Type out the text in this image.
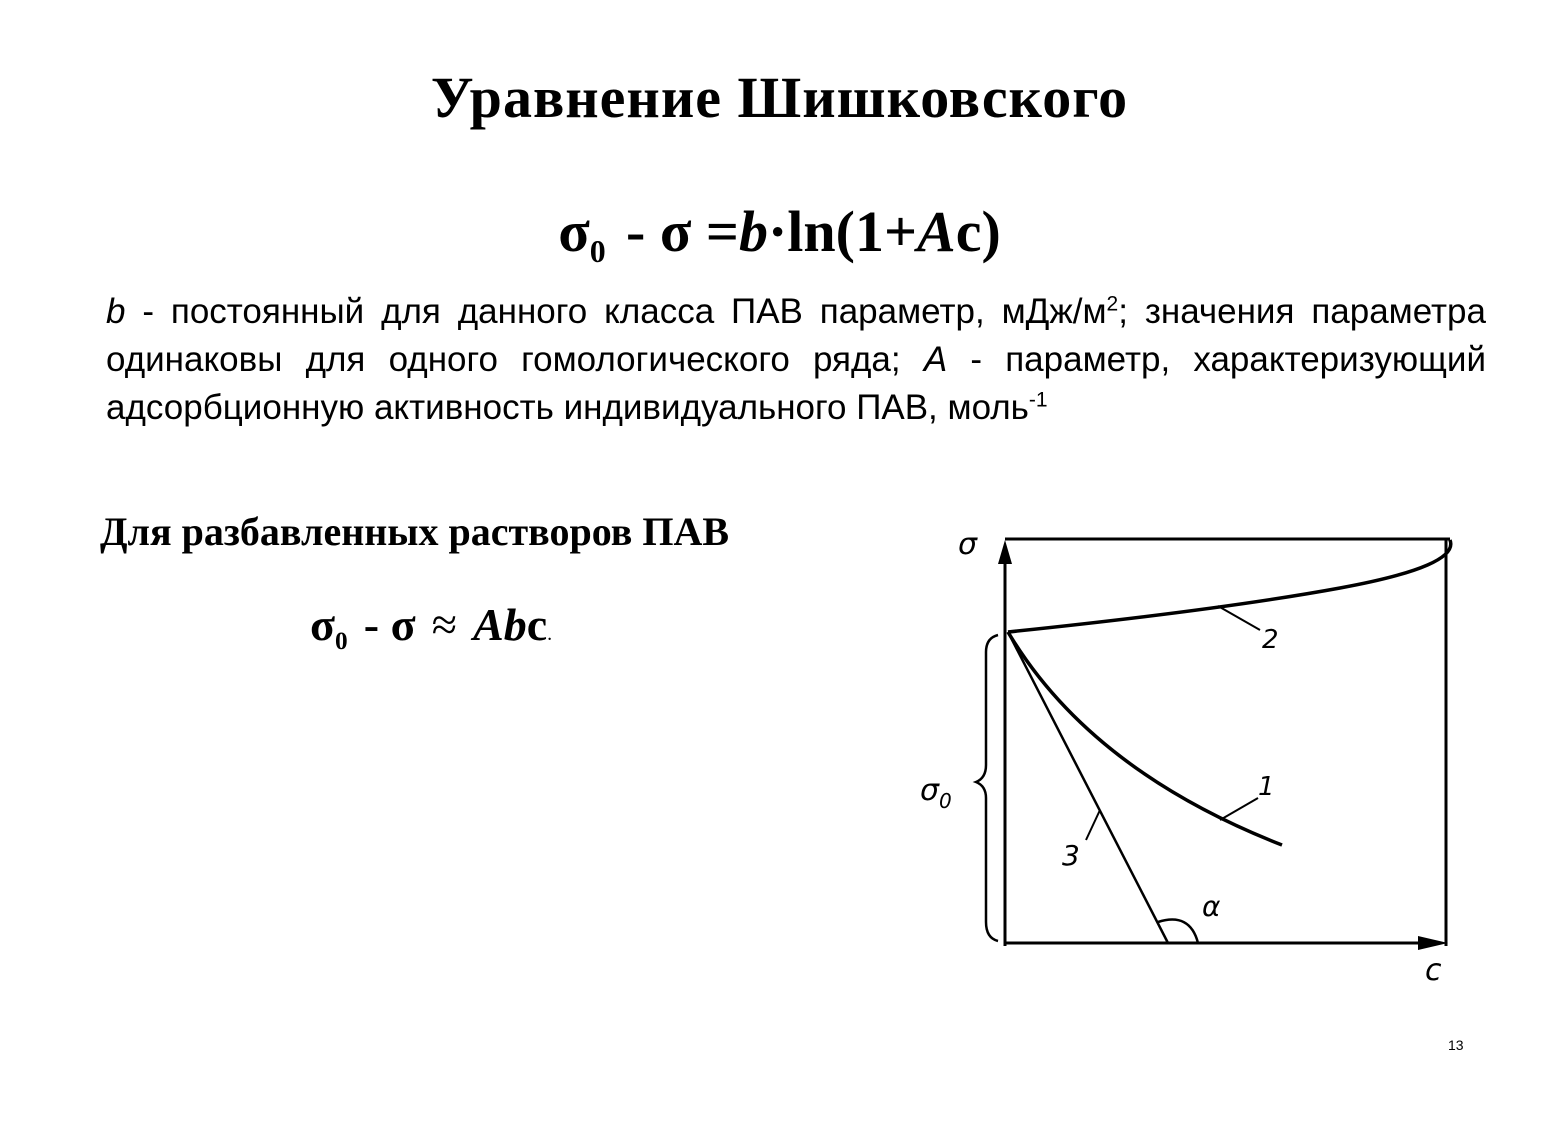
Уравнение Шишковского
$\sigma_0 - \sigma =b\cdot\ln(1+Ac)$
b - постоянный для данного класса ПАВ параметр, мДж/$м^2$; значения параметра одинаковы для одного гомологического ряда; A - параметр, характеризующий адсорбционную активность индивидуального ПАВ, моль$^{-1}$
Для разбавленных растворов ПАВ
$\sigma_0$ - σ ≈ Abc.
σ
c
$\sigma_0$
2
1
3
α
13
